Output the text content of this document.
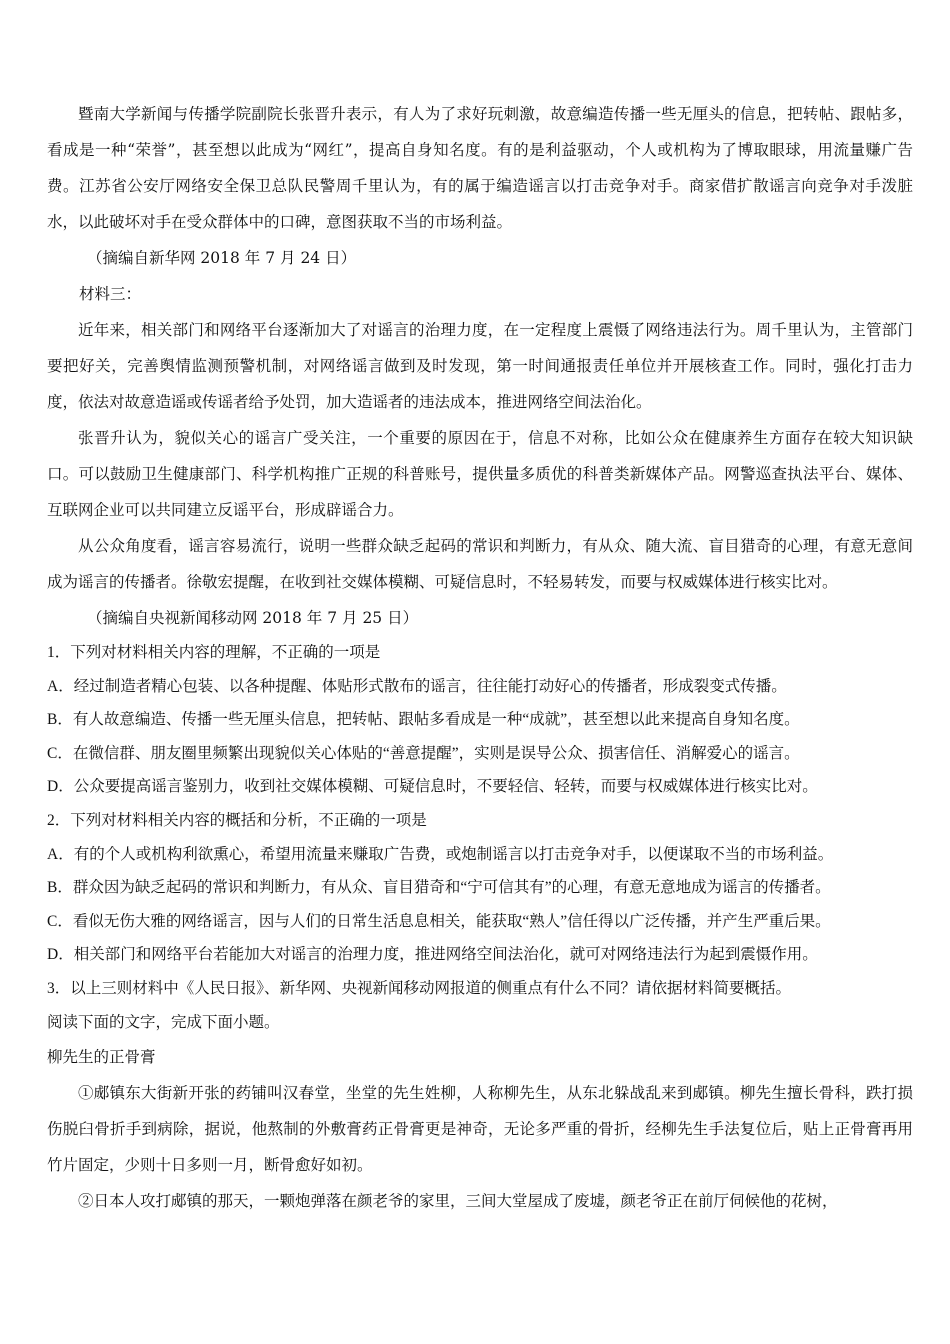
暨南大学新闻与传播学院副院长张晋升表示，有人为了求好玩刺激，故意编造传播一些无厘头的信息，把转帖、跟帖多，看成是一种“荣誉”，甚至想以此成为“网红”，提高自身知名度。有的是利益驱动，个人或机构为了博取眼球，用流量赚广告费。江苏省公安厅网络安全保卫总队民警周千里认为，有的属于编造谣言以打击竞争对手。商家借扩散谣言向竞争对手泼脏水，以此破坏对手在受众群体中的口碑，意图获取不当的市场利益。

（摘编自新华网 2018 年 7 月 24 日）

材料三：

近年来，相关部门和网络平台逐渐加大了对谣言的治理力度，在一定程度上震慑了网络违法行为。周千里认为，主管部门要把好关，完善舆情监测预警机制，对网络谣言做到及时发现，第一时间通报责任单位并开展核查工作。同时，强化打击力度，依法对故意造谣或传谣者给予处罚，加大造谣者的违法成本，推进网络空间法治化。

张晋升认为，貌似关心的谣言广受关注，一个重要的原因在于，信息不对称，比如公众在健康养生方面存在较大知识缺口。可以鼓励卫生健康部门、科学机构推广正规的科普账号，提供量多质优的科普类新媒体产品。网警巡查执法平台、媒体、互联网企业可以共同建立反谣平台，形成辟谣合力。

从公众角度看，谣言容易流行，说明一些群众缺乏起码的常识和判断力，有从众、随大流、盲目猎奇的心理，有意无意间成为谣言的传播者。徐敬宏提醒，在收到社交媒体模糊、可疑信息时，不轻易转发，而要与权威媒体进行核实比对。

（摘编自央视新闻移动网 2018 年 7 月 25 日）

1．下列对材料相关内容的理解，不正确的一项是

A．经过制造者精心包装、以各种提醒、体贴形式散布的谣言，往往能打动好心的传播者，形成裂变式传播。

B．有人故意编造、传播一些无厘头信息，把转帖、跟帖多看成是一种“成就”，甚至想以此来提高自身知名度。

C．在微信群、朋友圈里频繁出现貌似关心体贴的“善意提醒”，实则是误导公众、损害信任、消解爱心的谣言。

D．公众要提高谣言鉴别力，收到社交媒体模糊、可疑信息时，不要轻信、轻转，而要与权威媒体进行核实比对。

2．下列对材料相关内容的概括和分析，不正确的一项是

A．有的个人或机构利欲熏心，希望用流量来赚取广告费，或炮制谣言以打击竞争对手，以便谋取不当的市场利益。

B．群众因为缺乏起码的常识和判断力，有从众、盲目猎奇和“宁可信其有”的心理，有意无意地成为谣言的传播者。

C．看似无伤大雅的网络谣言，因与人们的日常生活息息相关，能获取“熟人”信任得以广泛传播，并产生严重后果。

D．相关部门和网络平台若能加大对谣言的治理力度，推进网络空间法治化，就可对网络违法行为起到震慑作用。

3．以上三则材料中《人民日报》、新华网、央视新闻移动网报道的侧重点有什么不同？请依据材料简要概括。

阅读下面的文字，完成下面小题。

柳先生的正骨膏

①郕镇东大街新开张的药铺叫汉春堂，坐堂的先生姓柳，人称柳先生，从东北躲战乱来到郕镇。柳先生擅长骨科，跌打损伤脱臼骨折手到病除，据说，他熬制的外敷膏药正骨膏更是神奇，无论多严重的骨折，经柳先生手法复位后，贴上正骨膏再用竹片固定，少则十日多则一月，断骨愈好如初。

②日本人攻打郕镇的那天，一颗炮弹落在颜老爷的家里，三间大堂屋成了废墟，颜老爷正在前厅伺候他的花树，
